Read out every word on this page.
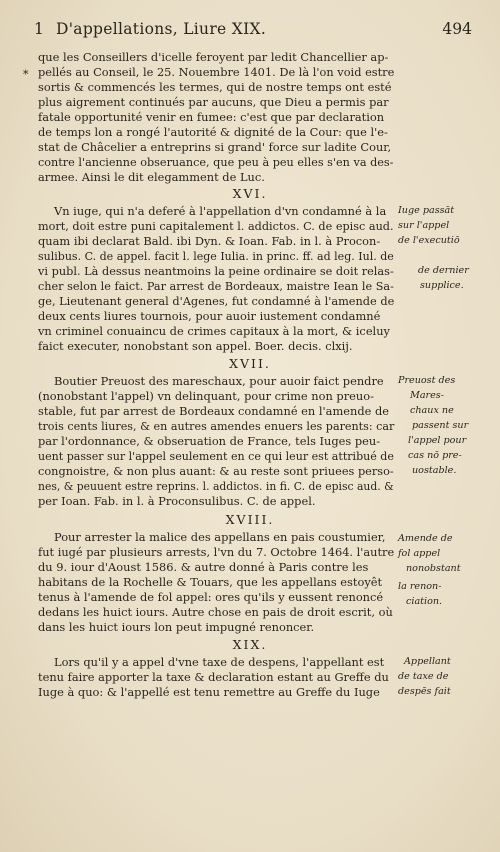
1 D'appellations, Liure XIX.	494
*
que les Conseillers d'icelle feroyent par ledit Chancellier ap-
pellés au Conseil, le 25. Nouembre 1401. De là l'on void estre
sortis & commencés les termes, qui de nostre temps ont esté
plus aigrement continués par aucuns, que Dieu a permis par
fatale opportunité venir en fumee: c'est que par declaration
de temps lon a rongé l'autorité & dignité de la Cour: que l'e-
stat de Châcelier a entreprins si grand' force sur ladite Cour,
contre l'ancienne obseruance, que peu à peu elles s'en va des-
armee. Ainsi le dit elegamment de Luc.
XVI.
Vn iuge, qui n'a deferé à l'appellation d'vn condamné à la
mort, doit estre puni capitalement l. addictos. C. de episc aud.
quam ibi declarat Bald. ibi Dyn. & Ioan. Fab. in l. à Procon-
sulibus. C. de appel. facit l. lege Iulia. in princ. ff. ad leg. Iul. de
vi publ. Là dessus neantmoins la peine ordinaire se doit relas-
cher selon le faict. Par arrest de Bordeaux, maistre Iean le Sa-
ge, Lieutenant general d'Agenes, fut condamné à l'amende de
deux cents liures tournois, pour auoir iustement condamné
vn criminel conuaincu de crimes capitaux à la mort, & iceluy
faict executer, nonobstant son appel. Boer. decis. clxij.
XVII.
Boutier Preuost des mareschaux, pour auoir faict pendre
(nonobstant l'appel) vn delinquant, pour crime non preuo-
stable, fut par arrest de Bordeaux condamné en l'amende de
trois cents liures, & en autres amendes enuers les parents: car
par l'ordonnance, & obseruation de France, tels Iuges peu-
uent passer sur l'appel seulement en ce qui leur est attribué de
congnoistre, & non plus auant: & au reste sont priuees perso-
nes, & peuuent estre reprins. l. addictos. in fi. C. de episc aud. &
per Ioan. Fab. in l. à Proconsulibus. C. de appel.
XVIII.
Pour arrester la malice des appellans en pais coustumier,
fut iugé par plusieurs arrests, l'vn du 7. Octobre 1464. l'autre
du 9. iour d'Aoust 1586. & autre donné à Paris contre les
habitans de la Rochelle & Touars, que les appellans estoyêt
tenus à l'amende de fol appel: ores qu'ils y eussent renoncé
dedans les huict iours. Autre chose en pais de droit escrit, où
dans les huict iours lon peut impugné renoncer.
XIX.
Lors qu'il y a appel d'vne taxe de despens, l'appellant est
tenu faire apporter la taxe & declaration estant au Greffe du
Iuge à quo: & l'appellé est tenu remettre au Greffe du Iuge
Iuge passāt
sur l'appel
de l'executiō
de dernier
supplice.
Preuost des
Mares-
chaux ne
passent sur
l'appel pour
cas nō pre-
uostable.
Amende de
fol appel
nonobstant
la renon-
ciation.
Appellant
de taxe de
despēs fait
